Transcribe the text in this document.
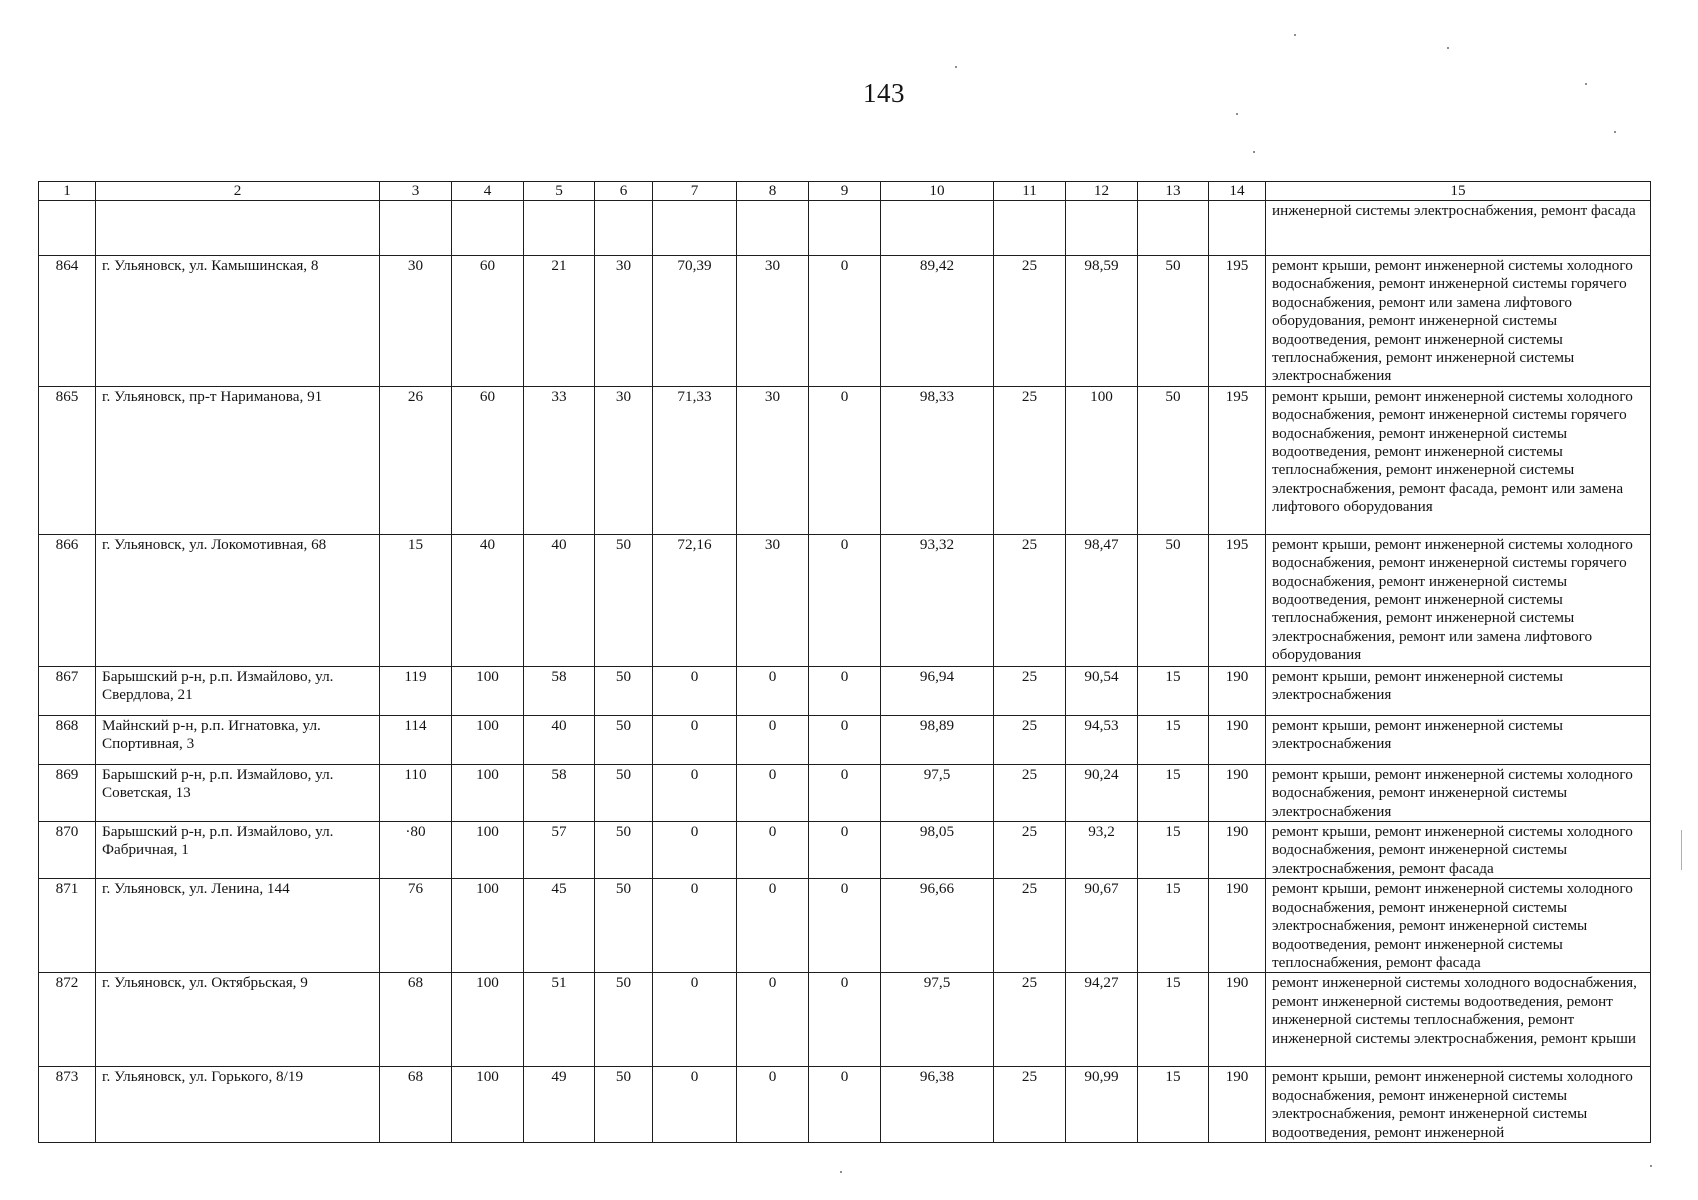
143
1	2	3	4	5	6	7	8	9	10	11	12	13	14	15
														инженерной системы электроснабжения, ремонт фасада
864	г. Ульяновск, ул. Камышинская, 8	30	60	21	30	70,39	30	0	89,42	25	98,59	50	195	ремонт крыши, ремонт инженерной системы холодного водоснабжения, ремонт инженерной системы горячего водоснабжения, ремонт или замена лифтового оборудования, ремонт инженерной системы водоотведения, ремонт инженерной системы теплоснабжения, ремонт инженерной системы электроснабжения
865	г. Ульяновск, пр-т Нариманова, 91	26	60	33	30	71,33	30	0	98,33	25	100	50	195	ремонт крыши, ремонт инженерной системы холодного водоснабжения, ремонт инженерной системы горячего водоснабжения, ремонт инженерной системы водоотведения, ремонт инженерной системы теплоснабжения, ремонт инженерной системы электроснабжения, ремонт фасада, ремонт или замена лифтового оборудования
866	г. Ульяновск, ул. Локомотивная, 68	15	40	40	50	72,16	30	0	93,32	25	98,47	50	195	ремонт крыши, ремонт инженерной системы холодного водоснабжения, ремонт инженерной системы горячего водоснабжения, ремонт инженерной системы водоотведения, ремонт инженерной системы теплоснабжения, ремонт инженерной системы электроснабжения, ремонт или замена лифтового оборудования
867	Барышский р-н, р.п. Измайлово, ул. Свердлова, 21	119	100	58	50	0	0	0	96,94	25	90,54	15	190	ремонт крыши, ремонт инженерной системы электроснабжения
868	Майнский р-н, р.п. Игнатовка, ул. Спортивная, 3	114	100	40	50	0	0	0	98,89	25	94,53	15	190	ремонт крыши, ремонт инженерной системы электроснабжения
869	Барышский р-н, р.п. Измайлово, ул. Советская, 13	110	100	58	50	0	0	0	97,5	25	90,24	15	190	ремонт крыши, ремонт инженерной системы холодного водоснабжения, ремонт инженерной системы электроснабжения
870	Барышский р-н, р.п. Измайлово, ул. Фабричная, 1	·80	100	57	50	0	0	0	98,05	25	93,2	15	190	ремонт крыши, ремонт инженерной системы холодного водоснабжения, ремонт инженерной системы электроснабжения, ремонт фасада
871	г. Ульяновск, ул. Ленина, 144	76	100	45	50	0	0	0	96,66	25	90,67	15	190	ремонт крыши, ремонт инженерной системы холодного водоснабжения, ремонт инженерной системы электроснабжения, ремонт инженерной системы водоотведения, ремонт инженерной системы теплоснабжения, ремонт фасада
872	г. Ульяновск, ул. Октябрьская, 9	68	100	51	50	0	0	0	97,5	25	94,27	15	190	ремонт инженерной системы холодного водоснабжения, ремонт инженерной системы водоотведения, ремонт инженерной системы теплоснабжения, ремонт инженерной системы электроснабжения, ремонт крыши
873	г. Ульяновск, ул. Горького, 8/19	68	100	49	50	0	0	0	96,38	25	90,99	15	190	ремонт крыши, ремонт инженерной системы холодного водоснабжения, ремонт инженерной системы электроснабжения, ремонт инженерной системы водоотведения, ремонт инженерной
